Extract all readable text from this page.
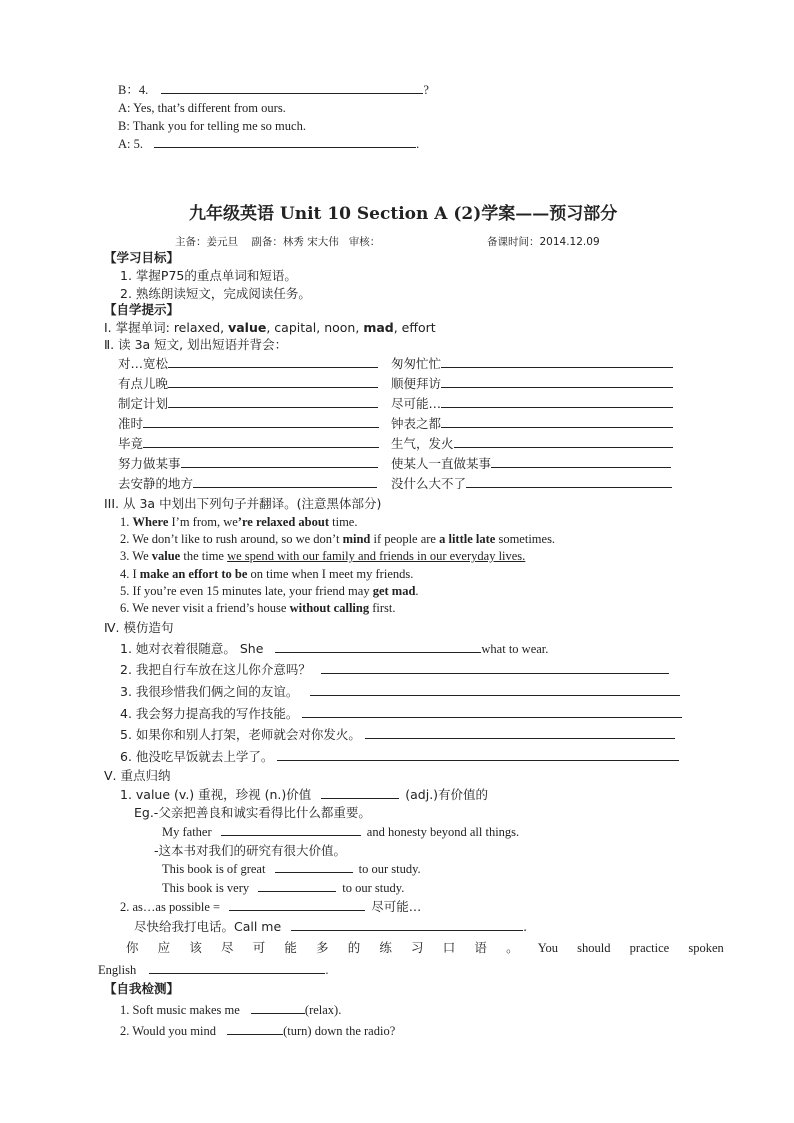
B：4.	?
A: Yes, that’s different from ours.
B: Thank you for telling me so much.
A: 5.	.
九年级英语 Unit 10 Section A (2)学案——预习部分
主备：姜元旦 副备：林秀 宋大伟 审核：	备课时间：2014.12.09
【学习目标】
1. 掌握P75的重点单词和短语。
2. 熟练朗读短文，完成阅读任务。
【自学提示】
Ⅰ. 掌握单词: relaxed, value, capital, noon, mad, effort
Ⅱ. 读 3a 短文, 划出短语并背会：
对…宽松	匆匆忙忙
有点儿晚	顺便拜访
制定计划	尽可能…
准时	钟表之都
毕竟	生气，发火
努力做某事	使某人一直做某事
去安静的地方	没什么大不了
III. 从 3a 中划出下列句子并翻译。(注意黑体部分)
1. Where I’m from, we’re relaxed about time.
2. We don’t like to rush around, so we don’t mind if people are a little late sometimes.
3. We value the time we spend with our family and friends in our everyday lives.
4. I make an effort to be on time when I meet my friends.
5. If you’re even 15 minutes late, your friend may get mad.
6. We never visit a friend’s house without calling first.
Ⅳ. 模仿造句
1. 她对衣着很随意。 She	what to wear.
2. 我把自行车放在这儿你介意吗？
3. 我很珍惜我们俩之间的友谊。
4. 我会努力提高我的写作技能。
5. 如果你和别人打架，老师就会对你发火。
6. 他没吃早饭就去上学了。
Ⅴ. 重点归纳
1. value (v.) 重视，珍视 (n.)价值	(adj.)有价值的
Eg.-父亲把善良和诚实看得比什么都重要。
My father	and honesty beyond all things.
-这本书对我们的研究有很大价值。
This book is of great	to our study.
This book is very	to our study.
2. as…as possible =	尽可能…
尽快给我打电话。Call me	.
你 应 该 尽 可 能 多 的 练 习 口 语 。 You should practice spoken
English	.
【自我检测】
1. Soft music makes me	(relax).
2. Would you mind	(turn) down the radio?
